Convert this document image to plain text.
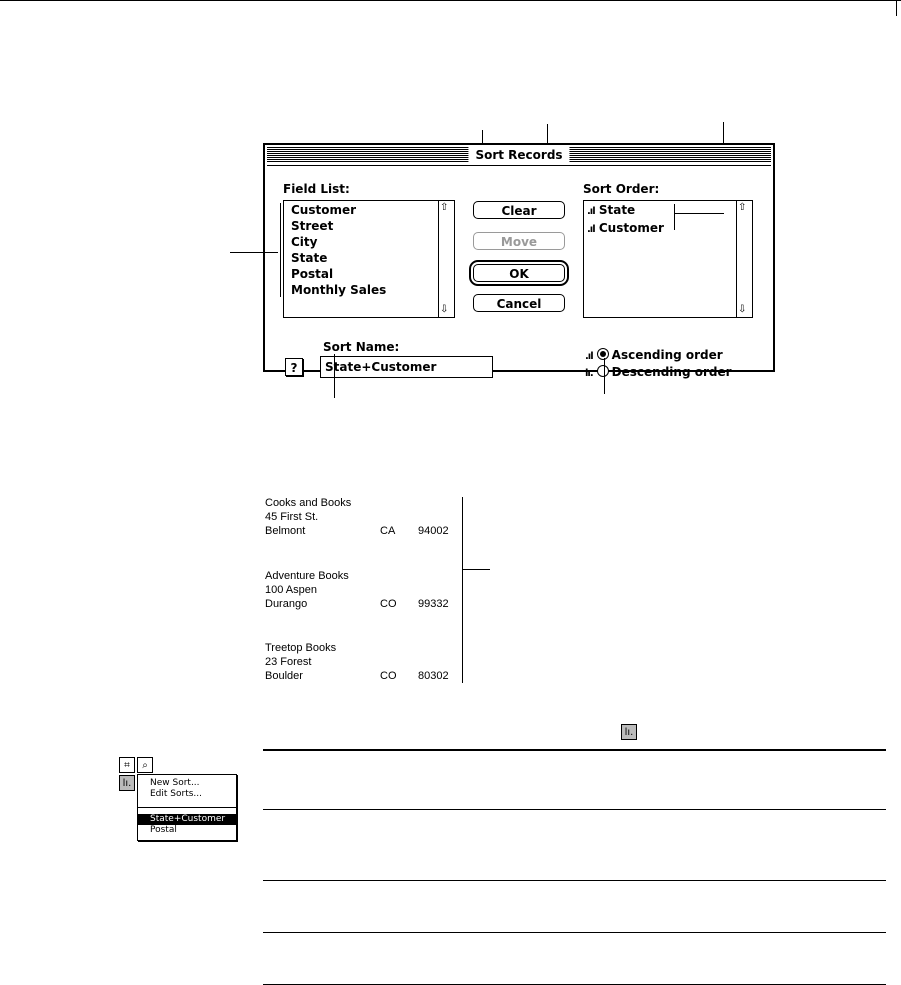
Sort Records
Field List:
Customer
Street
City
State
Postal
Monthly Sales
⇧
⇩
Clear
Move
OK
Cancel
Sort Order:
.ıl State
.ıl Customer
⇧
⇩
?
Sort Name:
State+Customer
.ıl Ascending order
lı. Descending order
Cooks and Books
45 First St.
Belmont	CA 94002
Adventure Books
100 Aspen
Durango	CO 99332
Treetop Books
23 Forest
Boulder	CO 80302
lı.
⌗	⌕
lı.	New Sort...
Edit Sorts...
State+Customer
Postal
